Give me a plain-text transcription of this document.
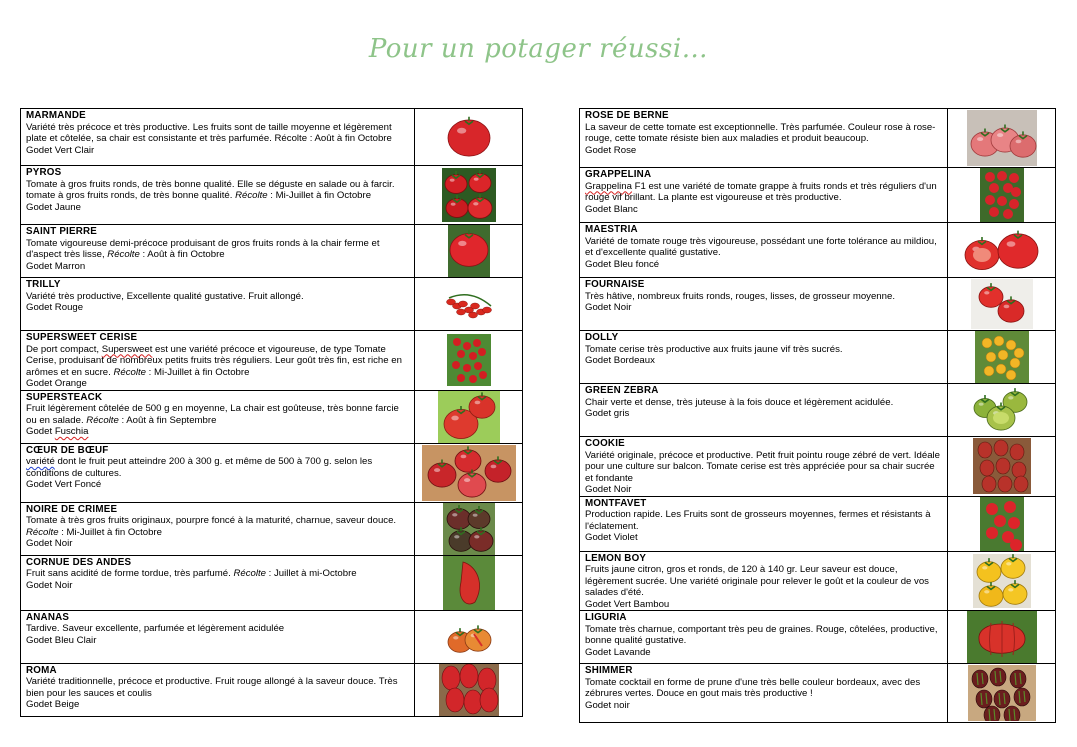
Pour un potager réussi…
MARMANDE
Variété très précoce et très productive. Les fruits sont de taille moyenne et légèrement plate et côtelée, sa chair est consistante et très parfumée. Récolte : Août à fin Octobre
Godet Vert Clair

PYROS
Tomate à gros fruits ronds, de très bonne qualité. Elle se déguste en salade ou à farcir. tomate à gros fruits ronds, de très bonne qualité. Récolte : Mi-Juillet à fin Octobre
Godet Jaune

SAINT PIERRE
Tomate vigoureuse demi-précoce produisant de gros fruits ronds à la chair ferme et d'aspect très lisse, Récolte : Août à fin Octobre
Godet Marron

TRILLY
Variété très productive, Excellente qualité gustative. Fruit allongé.
Godet Rouge

SUPERSWEET CERISE
De port compact, Supersweet est une variété précoce et vigoureuse, de type Tomate Cerise, produisant de nombreux petits fruits très réguliers. Leur goût très fin, est riche en arômes et en sucre. Récolte : Mi-Juillet à fin Octobre
Godet Orange

SUPERSTEACK
Fruit légèrement côtelée de 500 g en moyenne, La chair est goûteuse, très bonne farcie ou en salade. Récolte : Août à fin Septembre
Godet Fuschia

CŒUR DE BŒUF
variété dont le fruit peut atteindre 200 à 300 g. et même de 500 à 700 g. selon les conditions de cultures.
Godet Vert Foncé

NOIRE DE CRIMEE
Tomate à très gros fruits originaux, pourpre foncé à la maturité, charnue, saveur douce. Récolte : Mi-Juillet à fin Octobre
Godet Noir

CORNUE DES ANDES
Fruit sans acidité de forme tordue, très parfumé. Récolte : Juillet à mi-Octobre
Godet Noir

ANANAS
Tardive. Saveur excellente, parfumée et légèrement acidulée
Godet Bleu Clair

ROMA
Variété traditionnelle, précoce et productive. Fruit rouge allongé à la saveur douce. Très bien pour les sauces et coulis
Godet Beige

ROSE DE BERNE
La saveur de cette tomate est exceptionnelle. Très parfumée. Couleur rose à rose-rouge, cette tomate résiste bien aux maladies et produit beaucoup.
Godet Rose

GRAPPELINA
Grappelina F1 est une variété de tomate grappe à fruits ronds et très réguliers d'un rouge vif brillant. La plante est vigoureuse et très productive.
Godet Blanc

MAESTRIA
Variété de tomate rouge très vigoureuse, possédant une forte tolérance au mildiou, et d'excellente qualité gustative.
Godet Bleu foncé

FOURNAISE
Très hâtive, nombreux fruits ronds, rouges, lisses, de grosseur moyenne.
Godet Noir

DOLLY
Tomate cerise très productive aux fruits jaune vif très sucrés.
Godet Bordeaux

GREEN ZEBRA
Chair verte et dense, très juteuse à la fois douce et légèrement acidulée.
Godet gris

COOKIE
Variété originale, précoce et productive. Petit fruit pointu rouge zébré de vert. Idéale pour une culture sur balcon. Tomate cerise est très appréciée pour sa chair sucrée et fondante
Godet Noir

MONTFAVET
Production rapide. Les Fruits sont de grosseurs moyennes, fermes et résistants à l'éclatement.
Godet Violet

LEMON BOY
Fruits jaune citron, gros et ronds, de 120 à 140 gr. Leur saveur est douce, légèrement sucrée. Une variété originale pour relever le goût et la couleur de vos salades d'été.
Godet Vert Bambou

LIGURIA
Tomate très charnue, comportant très peu de graines. Rouge, côtelées, productive, bonne qualité gustative.
Godet Lavande

SHIMMER
Tomate cocktail en forme de prune d'une très belle couleur bordeaux, avec des zébrures vertes. Douce en gout mais très productive !
Godet noir
